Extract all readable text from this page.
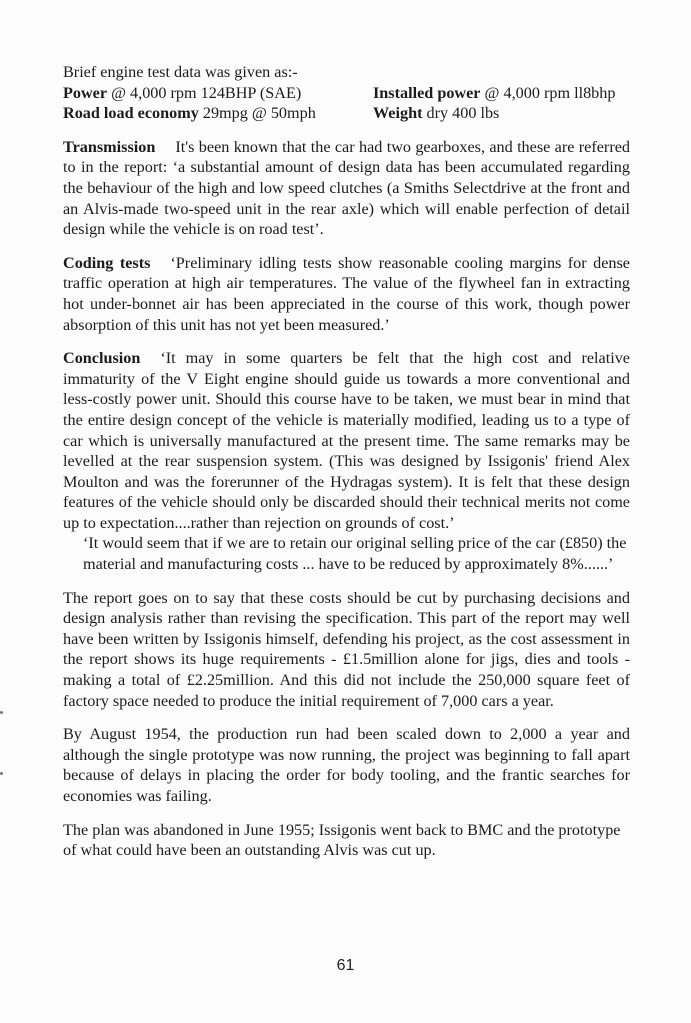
Brief engine test data was given as:-

Power @ 4,000 rpm 124BHP (SAE)	Installed power @ 4,000 rpm ll8bhp
Road load economy 29mpg @ 50mph	Weight dry 400 lbs

Transmission It's been known that the car had two gearboxes, and these are referred to in the report: ‘a substantial amount of design data has been accumulated regarding the behaviour of the high and low speed clutches (a Smiths Selectdrive at the front and an Alvis-made two-speed unit in the rear axle) which will enable perfection of detail design while the vehicle is on road test’.

Coding tests ‘Preliminary idling tests show reasonable cooling margins for dense traffic operation at high air temperatures. The value of the flywheel fan in extracting hot under-bonnet air has been appreciated in the course of this work, though power absorption of this unit has not yet been measured.’

Conclusion ‘It may in some quarters be felt that the high cost and relative immaturity of the V Eight engine should guide us towards a more conventional and less-costly power unit. Should this course have to be taken, we must bear in mind that the entire design concept of the vehicle is materially modified, leading us to a type of car which is universally manufactured at the present time. The same remarks may be levelled at the rear suspension system. (This was designed by Issigonis' friend Alex Moulton and was the forerunner of the Hydragas system). It is felt that these design features of the vehicle should only be discarded should their technical merits not come up to expectation....rather than rejection on grounds of cost.’

‘It would seem that if we are to retain our original selling price of the car (£850) the material and manufacturing costs ... have to be reduced by approximately 8%......’

The report goes on to say that these costs should be cut by purchasing decisions and design analysis rather than revising the specification. This part of the report may well have been written by Issigonis himself, defending his project, as the cost assessment in the report shows its huge requirements - £1.5million alone for jigs, dies and tools - making a total of £2.25million. And this did not include the 250,000 square feet of factory space needed to produce the initial requirement of 7,000 cars a year.

By August 1954, the production run had been scaled down to 2,000 a year and although the single prototype was now running, the project was beginning to fall apart because of delays in placing the order for body tooling, and the frantic searches for economies was failing.

The plan was abandoned in June 1955; Issigonis went back to BMC and the prototype of what could have been an outstanding Alvis was cut up.

61
